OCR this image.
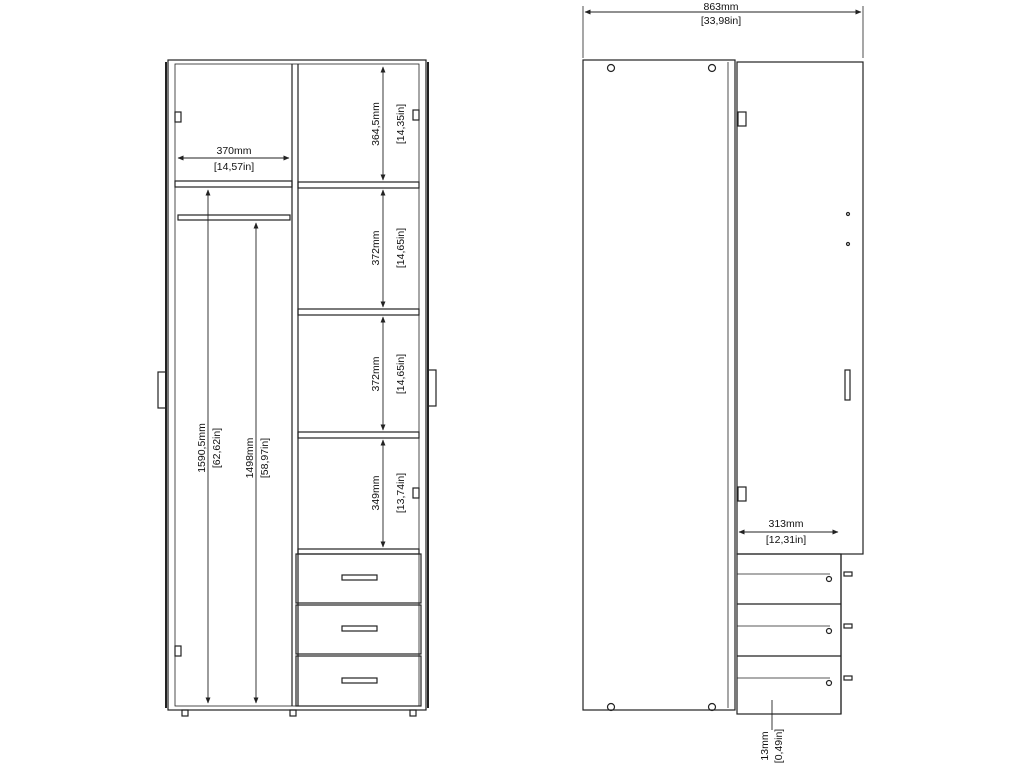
370mm
[14,57in]
364,5mm [14,35in]
372mm [14,65in]
372mm [14,65in]
349mm [13,74in]
1590,5mm [62,62in] 1498mm [58,97in]
863mm
[33,98in]
313mm
[12,31in]
13mm [0,49in]
